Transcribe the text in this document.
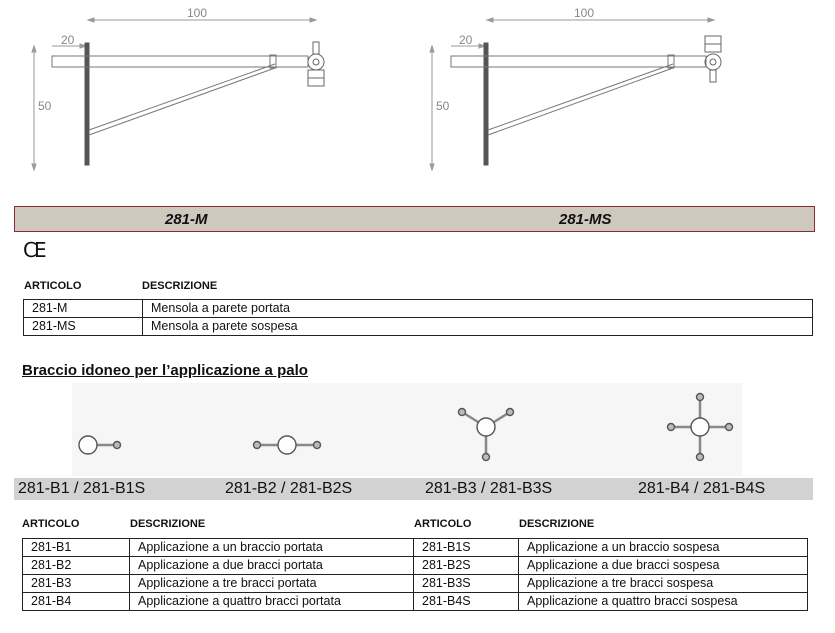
100
20
50
100
20
50
281-M	281-MS
CE
ARTICOLO	DESCRIZIONE
281-M	Mensola a parete portata
281-MS	Mensola a parete sospesa
Braccio idoneo per l’applicazione a palo
281-B1 / 281-B1S	281-B2 / 281-B2S	281-B3 / 281-B3S	281-B4 / 281-B4S
ARTICOLO	DESCRIZIONE	ARTICOLO	DESCRIZIONE
281-B1	Applicazione a un braccio portata	281-B1S	Applicazione a un braccio sospesa
281-B2	Applicazione a due bracci portata	281-B2S	Applicazione a due bracci sospesa
281-B3	Applicazione a tre bracci portata	281-B3S	Applicazione a tre bracci sospesa
281-B4	Applicazione a quattro bracci portata	281-B4S	Applicazione a quattro bracci sospesa
